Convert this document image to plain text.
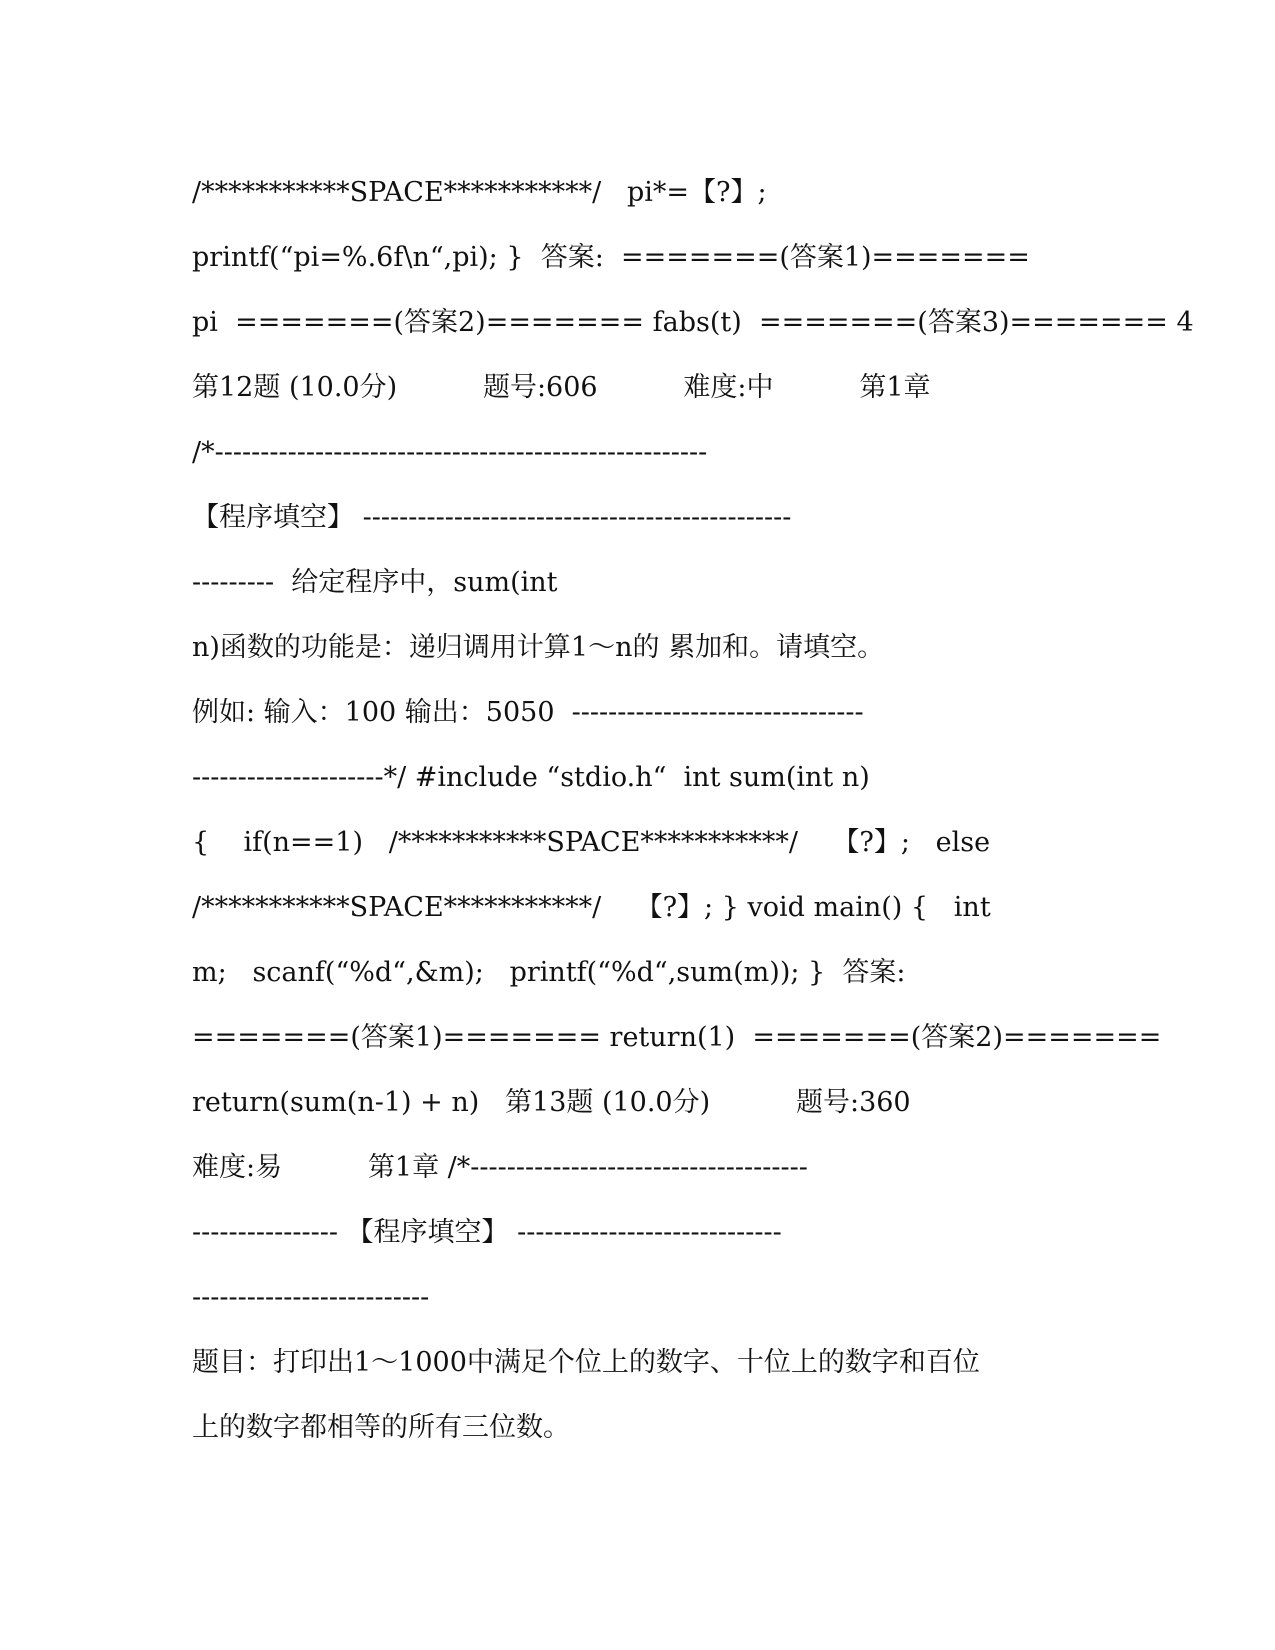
/***********SPACE***********/   pi*=【?】;
printf(“pi=%.6f\n“,pi); }  答案:  =======(答案1)=======
pi  =======(答案2)======= fabs(t)  =======(答案3)======= 4
第12题 (10.0分)          题号:606          难度:中          第1章
/*------------------------------------------------------
【程序填空】 -----------------------------------------------
---------  给定程序中，sum(int
n)函数的功能是：递归调用计算1～n的 累加和。请填空。
例如: 输入：100 输出：5050  --------------------------------
---------------------*/ #include “stdio.h“  int sum(int n)
{    if(n==1)   /***********SPACE***********/    【?】;   else
/***********SPACE***********/    【?】; } void main() {   int
m;   scanf(“%d“,&m);   printf(“%d“,sum(m)); }  答案:
=======(答案1)======= return(1)  =======(答案2)=======
return(sum(n-1) + n)   第13题 (10.0分)          题号:360
难度:易          第1章 /*-------------------------------------
---------------- 【程序填空】 -----------------------------
--------------------------
题目：打印出1～1000中满足个位上的数字、十位上的数字和百位
上的数字都相等的所有三位数。
